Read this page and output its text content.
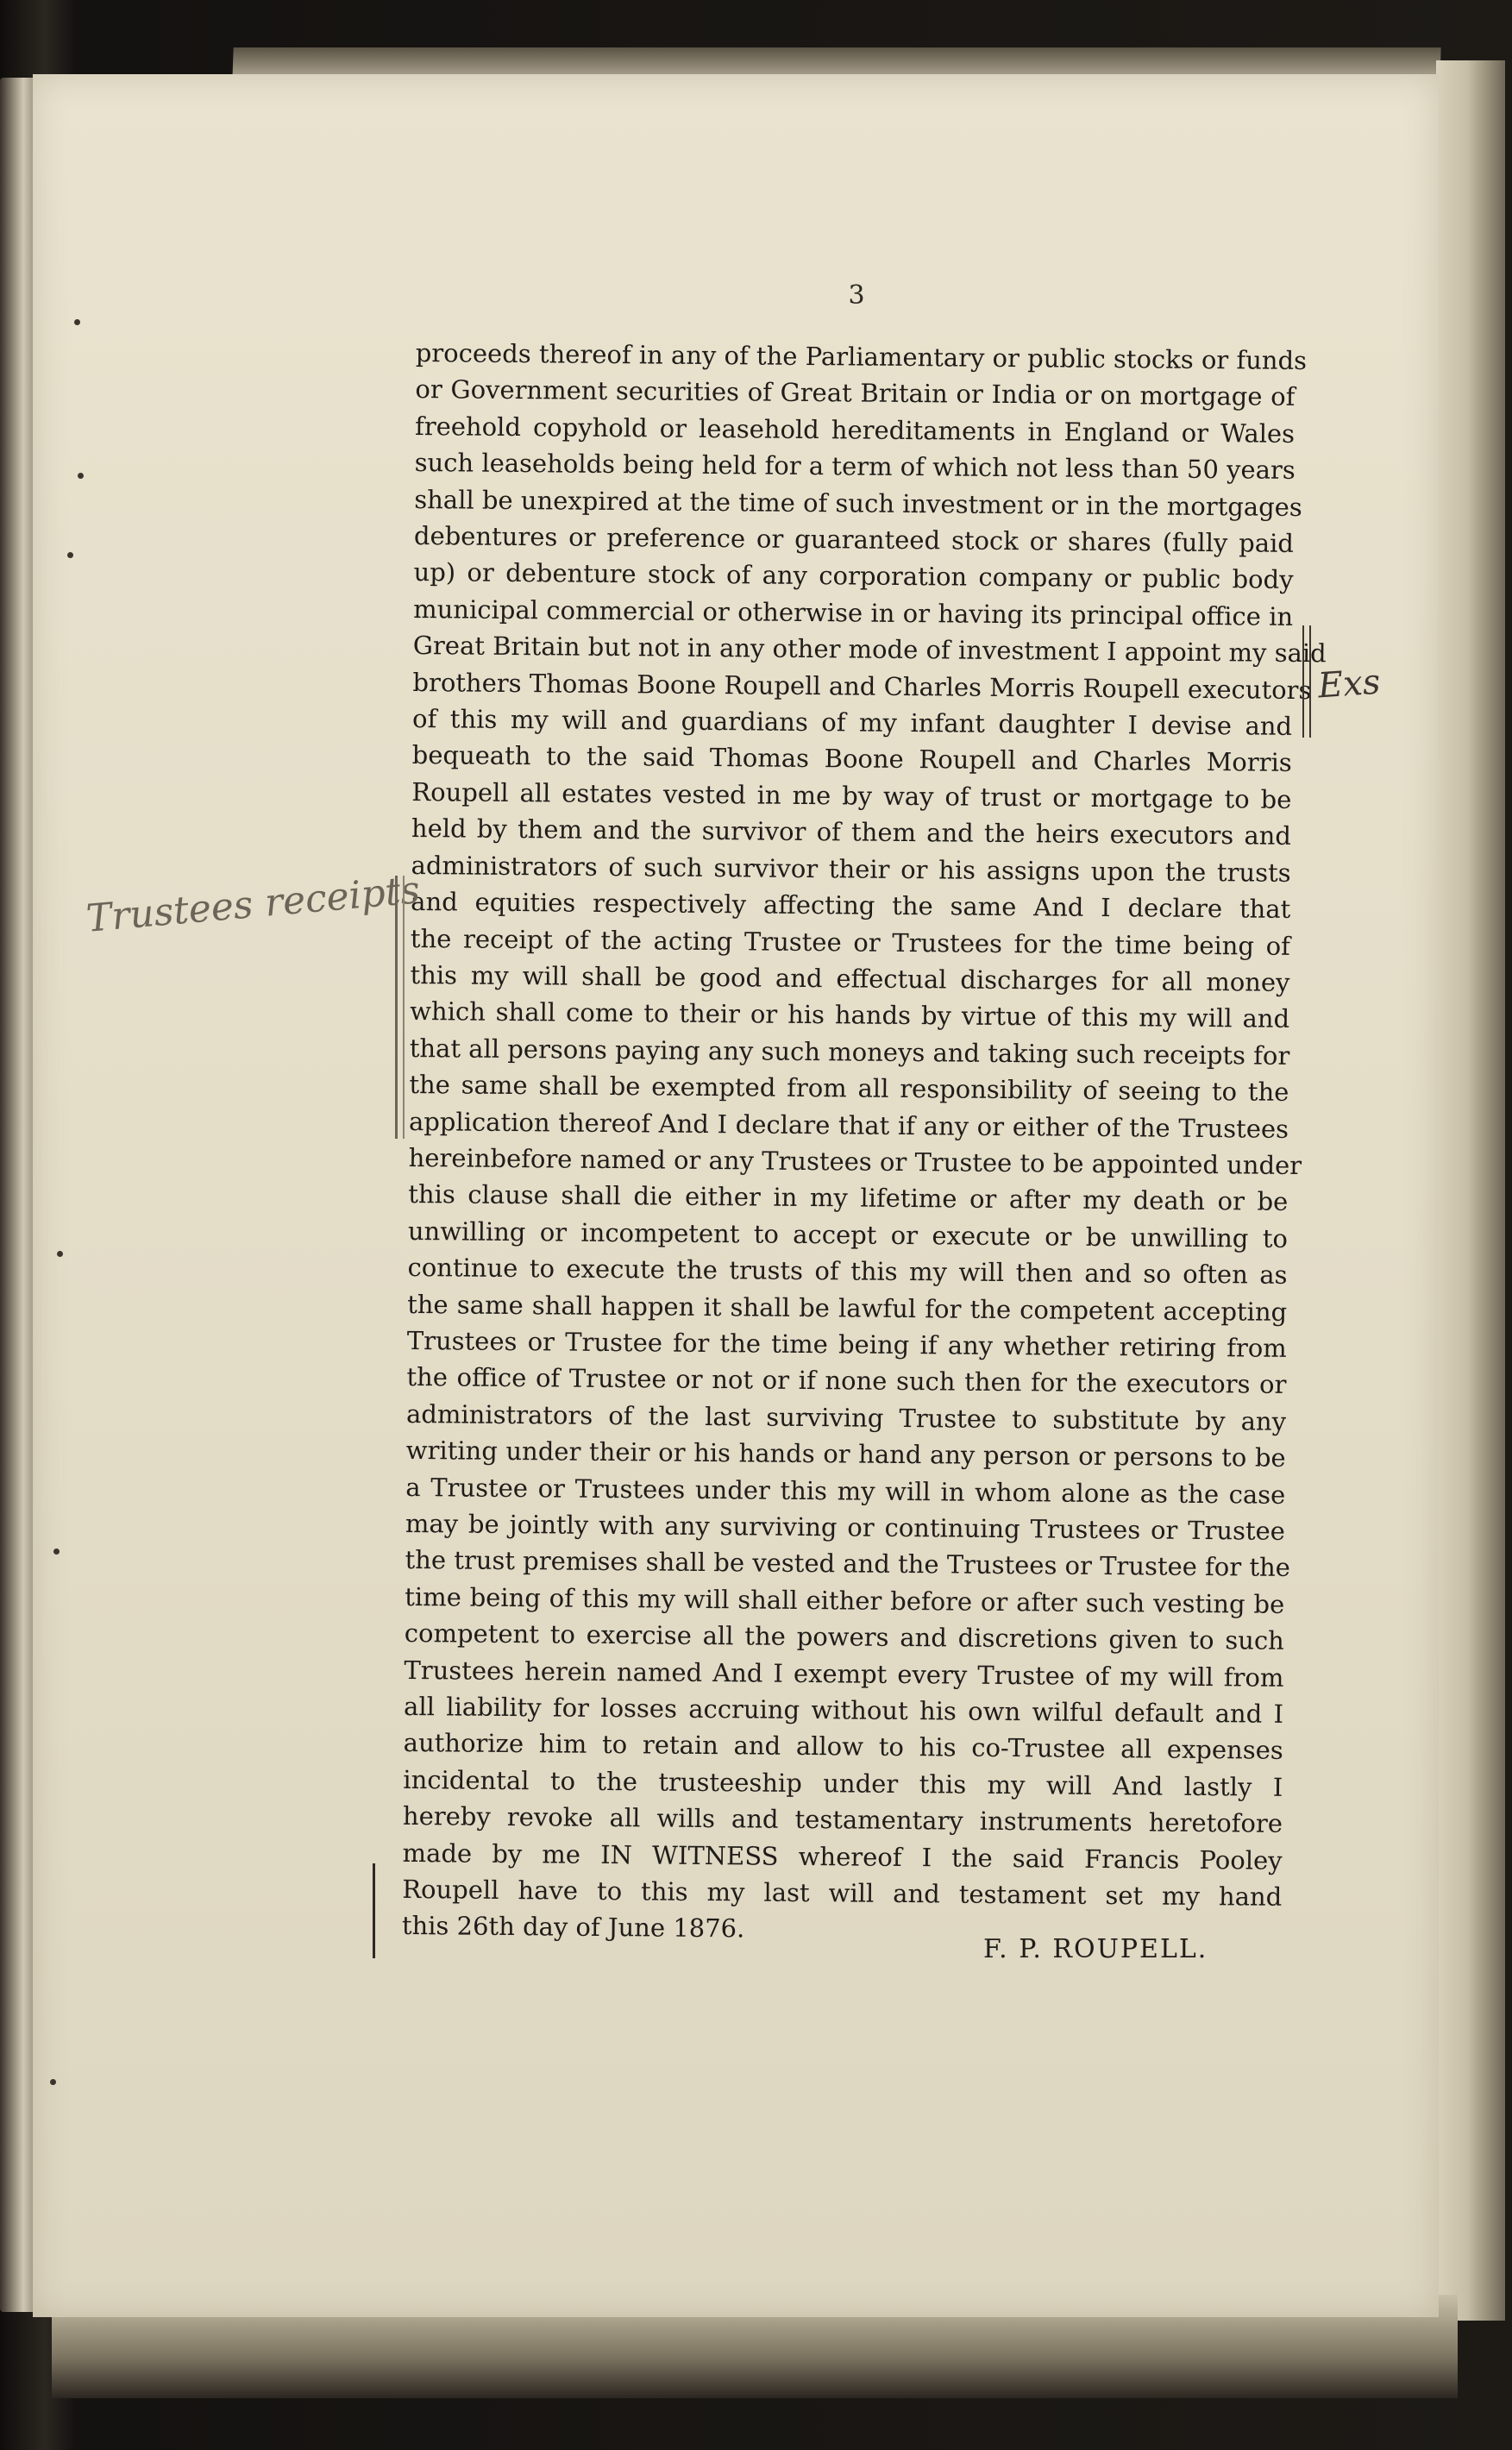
3
proceeds thereof in any of the Parliamentary or public stocks or funds
or Government securities of Great Britain or India or on mortgage of
freehold copyhold or leasehold hereditaments in England or Wales
such leaseholds being held for a term of which not less than 50 years
shall be unexpired at the time of such investment or in the mortgages
debentures or preference or guaranteed stock or shares (fully paid
up) or debenture stock of any corporation company or public body
municipal commercial or otherwise in or having its principal office in
Great Britain but not in any other mode of investment I appoint my said
brothers Thomas Boone Roupell and Charles Morris Roupell executors
of this my will and guardians of my infant daughter I devise and
bequeath to the said Thomas Boone Roupell and Charles Morris
Roupell all estates vested in me by way of trust or mortgage to be
held by them and the survivor of them and the heirs executors and
administrators of such survivor their or his assigns upon the trusts
and equities respectively affecting the same And I declare that
the receipt of the acting Trustee or Trustees for the time being of
this my will shall be good and effectual discharges for all money
which shall come to their or his hands by virtue of this my will and
that all persons paying any such moneys and taking such receipts for
the same shall be exempted from all responsibility of seeing to the
application thereof And I declare that if any or either of the Trustees
hereinbefore named or any Trustees or Trustee to be appointed under
this clause shall die either in my lifetime or after my death or be
unwilling or incompetent to accept or execute or be unwilling to
continue to execute the trusts of this my will then and so often as
the same shall happen it shall be lawful for the competent accepting
Trustees or Trustee for the time being if any whether retiring from
the office of Trustee or not or if none such then for the executors or
administrators of the last surviving Trustee to substitute by any
writing under their or his hands or hand any person or persons to be
a Trustee or Trustees under this my will in whom alone as the case
may be jointly with any surviving or continuing Trustees or Trustee
the trust premises shall be vested and the Trustees or Trustee for the
time being of this my will shall either before or after such vesting be
competent to exercise all the powers and discretions given to such
Trustees herein named And I exempt every Trustee of my will from
all liability for losses accruing without his own wilful default and I
authorize him to retain and allow to his co-Trustee all expenses
incidental to the trusteeship under this my will And lastly I
hereby revoke all wills and testamentary instruments heretofore
made by me IN WITNESS whereof I the said Francis Pooley
Roupell have to this my last will and testament set my hand
this 26th day of June 1876.
F. P. ROUPELL.
Trustees receipts
Exs
